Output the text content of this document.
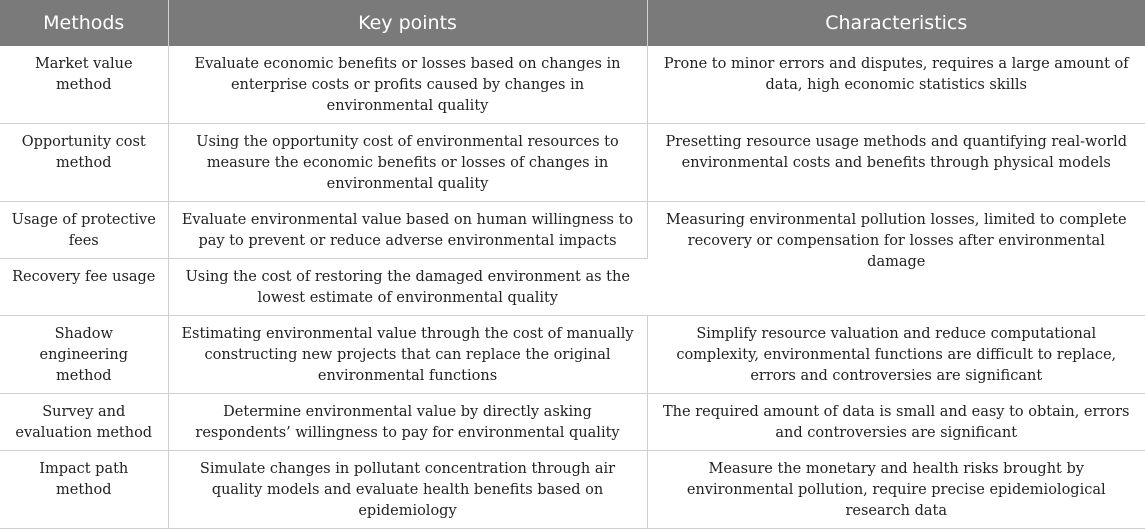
Methods	Key points	Characteristics
Market value method	Evaluate economic benefits or losses based on changes in enterprise costs or profits caused by changes in environmental quality	Prone to minor errors and disputes, requires a large amount of data, high economic statistics skills
Opportunity cost method	Using the opportunity cost of environmental resources to measure the economic benefits or losses of changes in environmental quality	Presetting resource usage methods and quantifying real-world environmental costs and benefits through physical models
Usage of protective fees	Evaluate environmental value based on human willingness to pay to prevent or reduce adverse environmental impacts	Measuring environmental pollution losses, limited to complete recovery or compensation for losses after environmental damage
Recovery fee usage	Using the cost of restoring the damaged environment as the lowest estimate of environmental quality	
Shadow engineering method	Estimating environmental value through the cost of manually constructing new projects that can replace the original environmental functions	Simplify resource valuation and reduce computational complexity, environmental functions are difficult to replace, errors and controversies are significant
Survey and evaluation method	Determine environmental value by directly asking respondents’ willingness to pay for environmental quality	The required amount of data is small and easy to obtain, errors and controversies are significant
Impact path method	Simulate changes in pollutant concentration through air quality models and evaluate health benefits based on epidemiology	Measure the monetary and health risks brought by environmental pollution, require precise epidemiological research data
